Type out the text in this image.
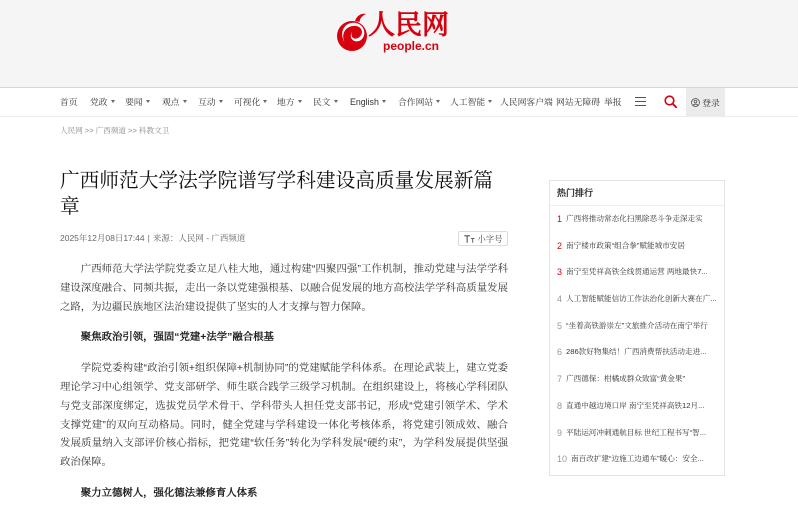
人民网
people.cn
首页 党政	要闻	观点	互动	可视化	地方	民文	English	合作网站	人工智能	人民网客户端 网站无障碍 举报	登录
人民网 >> 广西频道 >> 科教文卫
广西师范大学法学院谱写学科建设高质量发展新篇章
2025年12月08日17:44 | 来源：人民网 - 广西频道	小字号

广西师范大学法学院党委立足八桂大地，通过构建“四聚四强”工作机制，推动党建与法学学科建设深度融合、同频共振，走出一条以党建强根基、以融合促发展的地方高校法学学科高质量发展之路，为边疆民族地区法治建设提供了坚实的人才支撑与智力保障。

聚焦政治引领，强固“党建+法学”融合根基

学院党委构建“政治引领+组织保障+机制协同”的党建赋能学科体系。在理论武装上，建立党委理论学习中心组领学、党支部研学、师生联合践学三级学习机制。在组织建设上，将核心学科团队与党支部深度绑定，选拔党员学术骨干、学科带头人担任党支部书记，形成“党建引领学术、学术支撑党建”的双向互动格局。同时，健全党建与学科建设一体化考核体系，将党建引领成效、融合发展质量纳入支部评价核心指标，把党建“软任务”转化为学科发展“硬约束”，为学科发展提供坚强政治保障。

聚力立德树人，强化德法兼修育人体系

热门排行
1 广西将推动常态化扫黑除恶斗争走深走实
2 南宁楼市政策“组合拳”赋能城市安居
3 南宁至凭祥高铁全线贯通运营 两地最快7...
4 人工智能赋能信访工作法治化创新大赛在广...
5 “坐着高铁游崇左”文旅推介活动在南宁举行
6 286款好物集结！广西消费帮扶活动走进...
7 广西德保：柑橘成群众致富“黄金果”
8 直通中越边境口岸 南宁至凭祥高铁12月...
9 平陆运河冲刺通航目标 世纪工程书写“智...
10 南百改扩建“边施工边通车”暖心：安全...
